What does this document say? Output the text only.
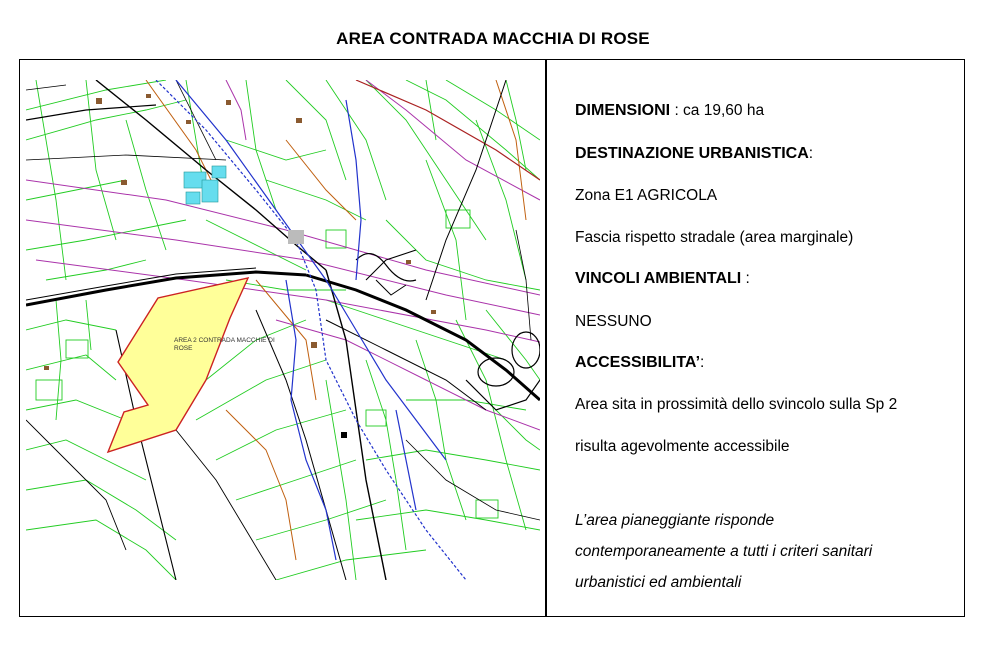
AREA CONTRADA MACCHIA DI ROSE
AREA 2 CONTRADA MACCHIE DI
ROSE
DIMENSIONI : ca 19,60 ha
DESTINAZIONE URBANISTICA:
Zona E1 AGRICOLA
Fascia rispetto stradale (area marginale)
VINCOLI AMBIENTALI :
NESSUNO
ACCESSIBILITA’:
Area sita in prossimità dello svincolo sulla Sp 2
risulta agevolmente accessibile
L’area pianeggiante risponde
contemporaneamente a tutti i criteri sanitari
urbanistici ed ambientali
